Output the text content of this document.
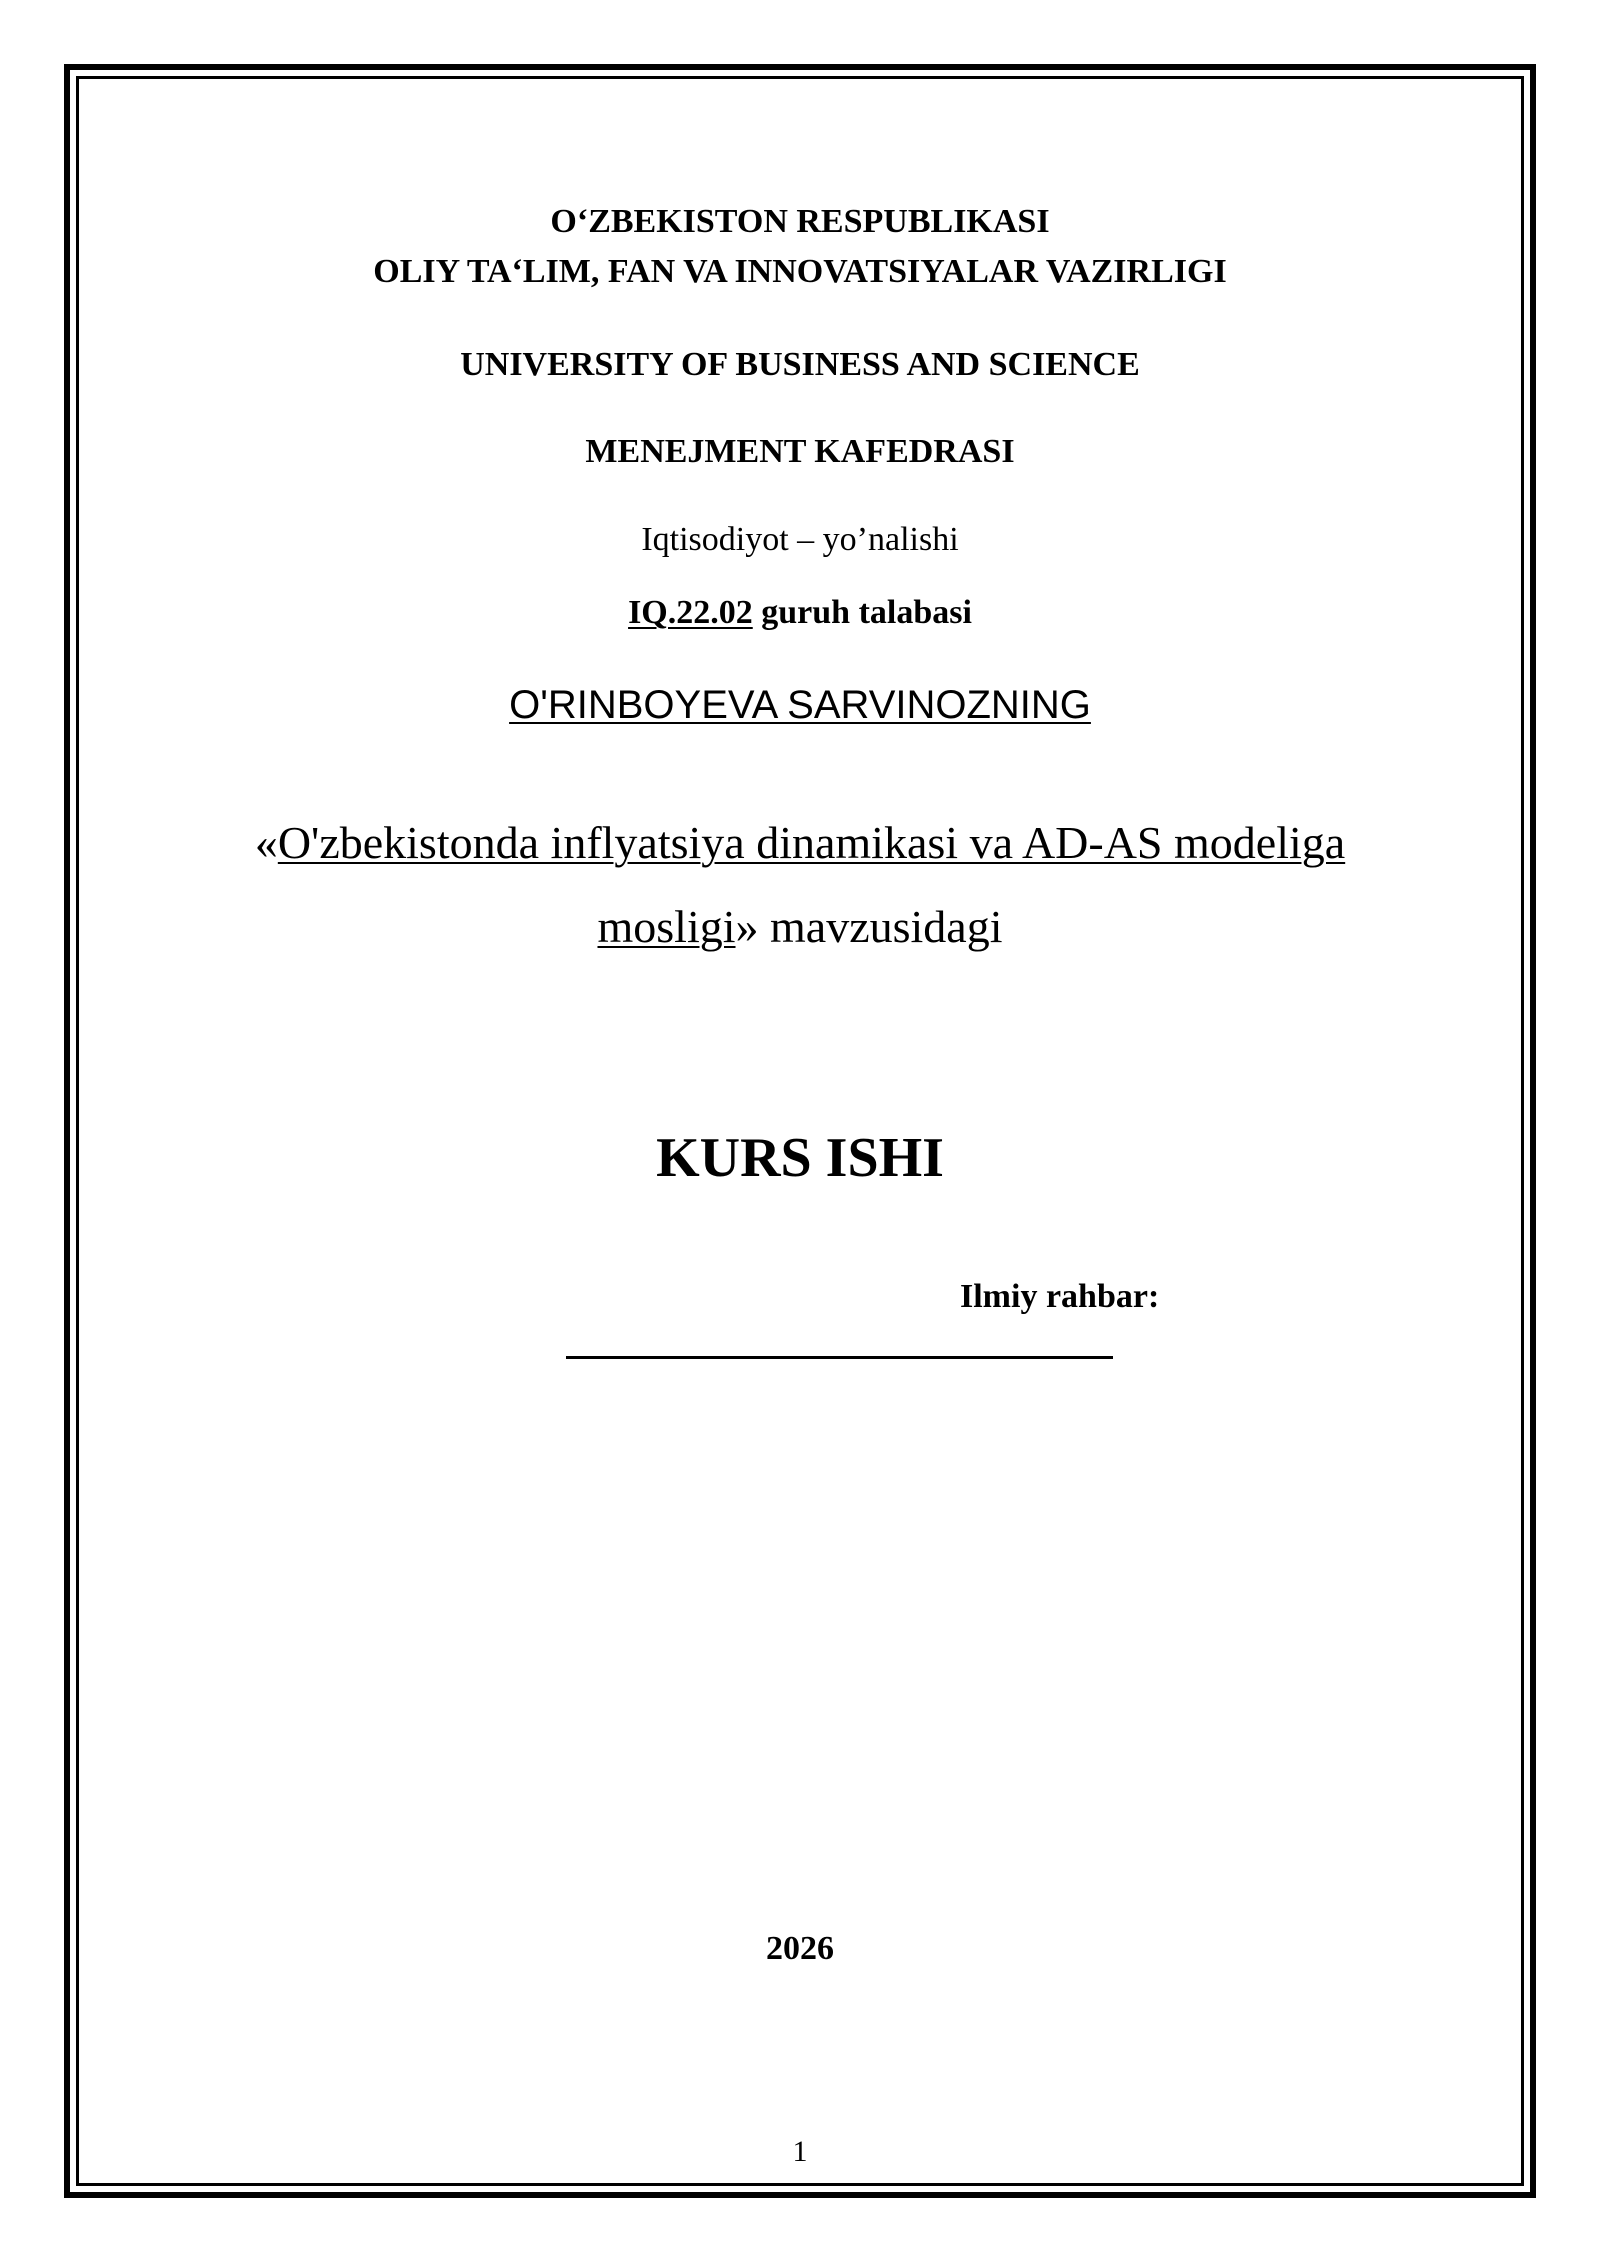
O‘ZBEKISTON RESPUBLIKASI
OLIY TA‘LIM, FAN VA INNOVATSIYALAR VAZIRLIGI
UNIVERSITY OF BUSINESS AND SCIENCE
MENEJMENT KAFEDRASI
Iqtisodiyot – yo’nalishi
IQ.22.02 guruh talabasi
O'RINBOYEVA SARVINOZNING
«O'zbekistonda inflyatsiya dinamikasi va AD-AS modeliga
mosligi» mavzusidagi
KURS ISHI
Ilmiy rahbar:
2026
1
